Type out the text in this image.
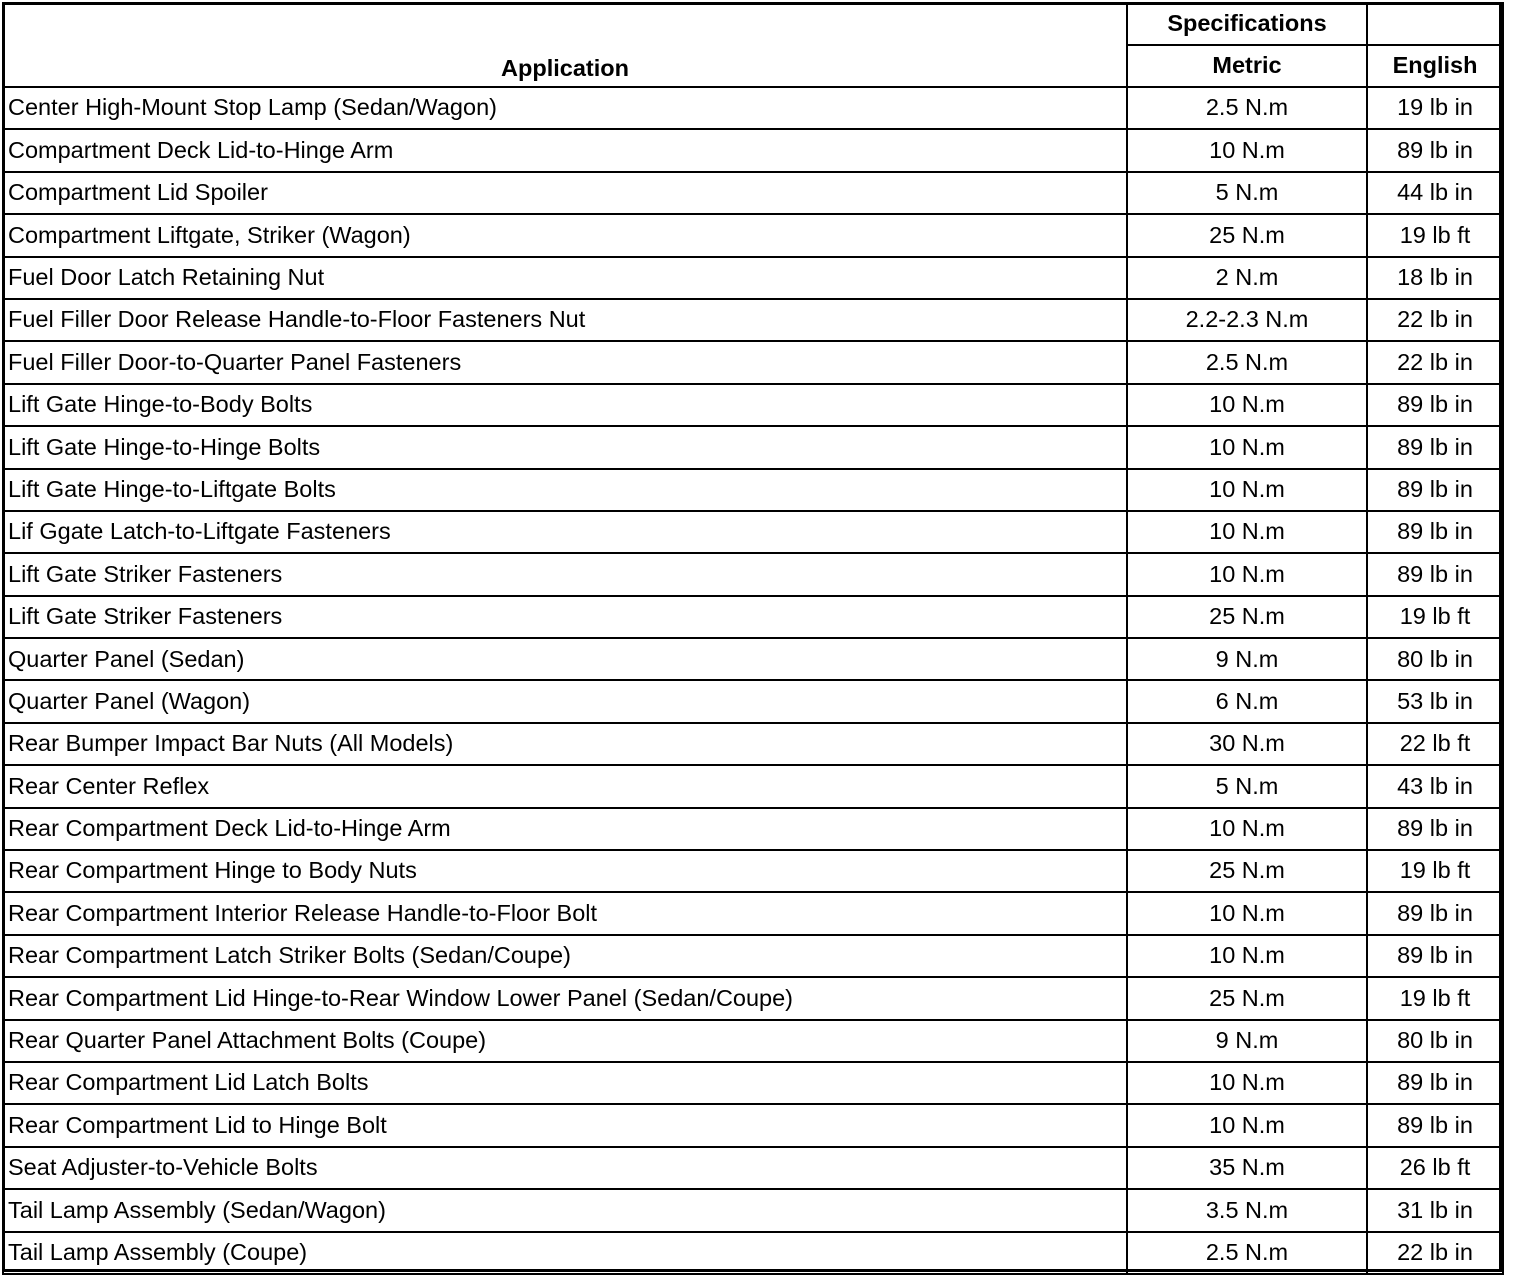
Application	Specifications	
	Metric	English
Center High-Mount Stop Lamp (Sedan/Wagon)	2.5 N.m	19 lb in
Compartment Deck Lid-to-Hinge Arm	10 N.m	89 lb in
Compartment Lid Spoiler	5 N.m	44 lb in
Compartment Liftgate, Striker (Wagon)	25 N.m	19 lb ft
Fuel Door Latch Retaining Nut	2 N.m	18 lb in
Fuel Filler Door Release Handle-to-Floor Fasteners Nut	2.2-2.3 N.m	22 lb in
Fuel Filler Door-to-Quarter Panel Fasteners	2.5 N.m	22 lb in
Lift Gate Hinge-to-Body Bolts	10 N.m	89 lb in
Lift Gate Hinge-to-Hinge Bolts	10 N.m	89 lb in
Lift Gate Hinge-to-Liftgate Bolts	10 N.m	89 lb in
Lif Ggate Latch-to-Liftgate Fasteners	10 N.m	89 lb in
Lift Gate Striker Fasteners	10 N.m	89 lb in
Lift Gate Striker Fasteners	25 N.m	19 lb ft
Quarter Panel (Sedan)	9 N.m	80 lb in
Quarter Panel (Wagon)	6 N.m	53 lb in
Rear Bumper Impact Bar Nuts (All Models)	30 N.m	22 lb ft
Rear Center Reflex	5 N.m	43 lb in
Rear Compartment Deck Lid-to-Hinge Arm	10 N.m	89 lb in
Rear Compartment Hinge to Body Nuts	25 N.m	19 lb ft
Rear Compartment Interior Release Handle-to-Floor Bolt	10 N.m	89 lb in
Rear Compartment Latch Striker Bolts (Sedan/Coupe)	10 N.m	89 lb in
Rear Compartment Lid Hinge-to-Rear Window Lower Panel (Sedan/Coupe)	25 N.m	19 lb ft
Rear Quarter Panel Attachment Bolts (Coupe)	9 N.m	80 lb in
Rear Compartment Lid Latch Bolts	10 N.m	89 lb in
Rear Compartment Lid to Hinge Bolt	10 N.m	89 lb in
Seat Adjuster-to-Vehicle Bolts	35 N.m	26 lb ft
Tail Lamp Assembly (Sedan/Wagon)	3.5 N.m	31 lb in
Tail Lamp Assembly (Coupe)	2.5 N.m	22 lb in
